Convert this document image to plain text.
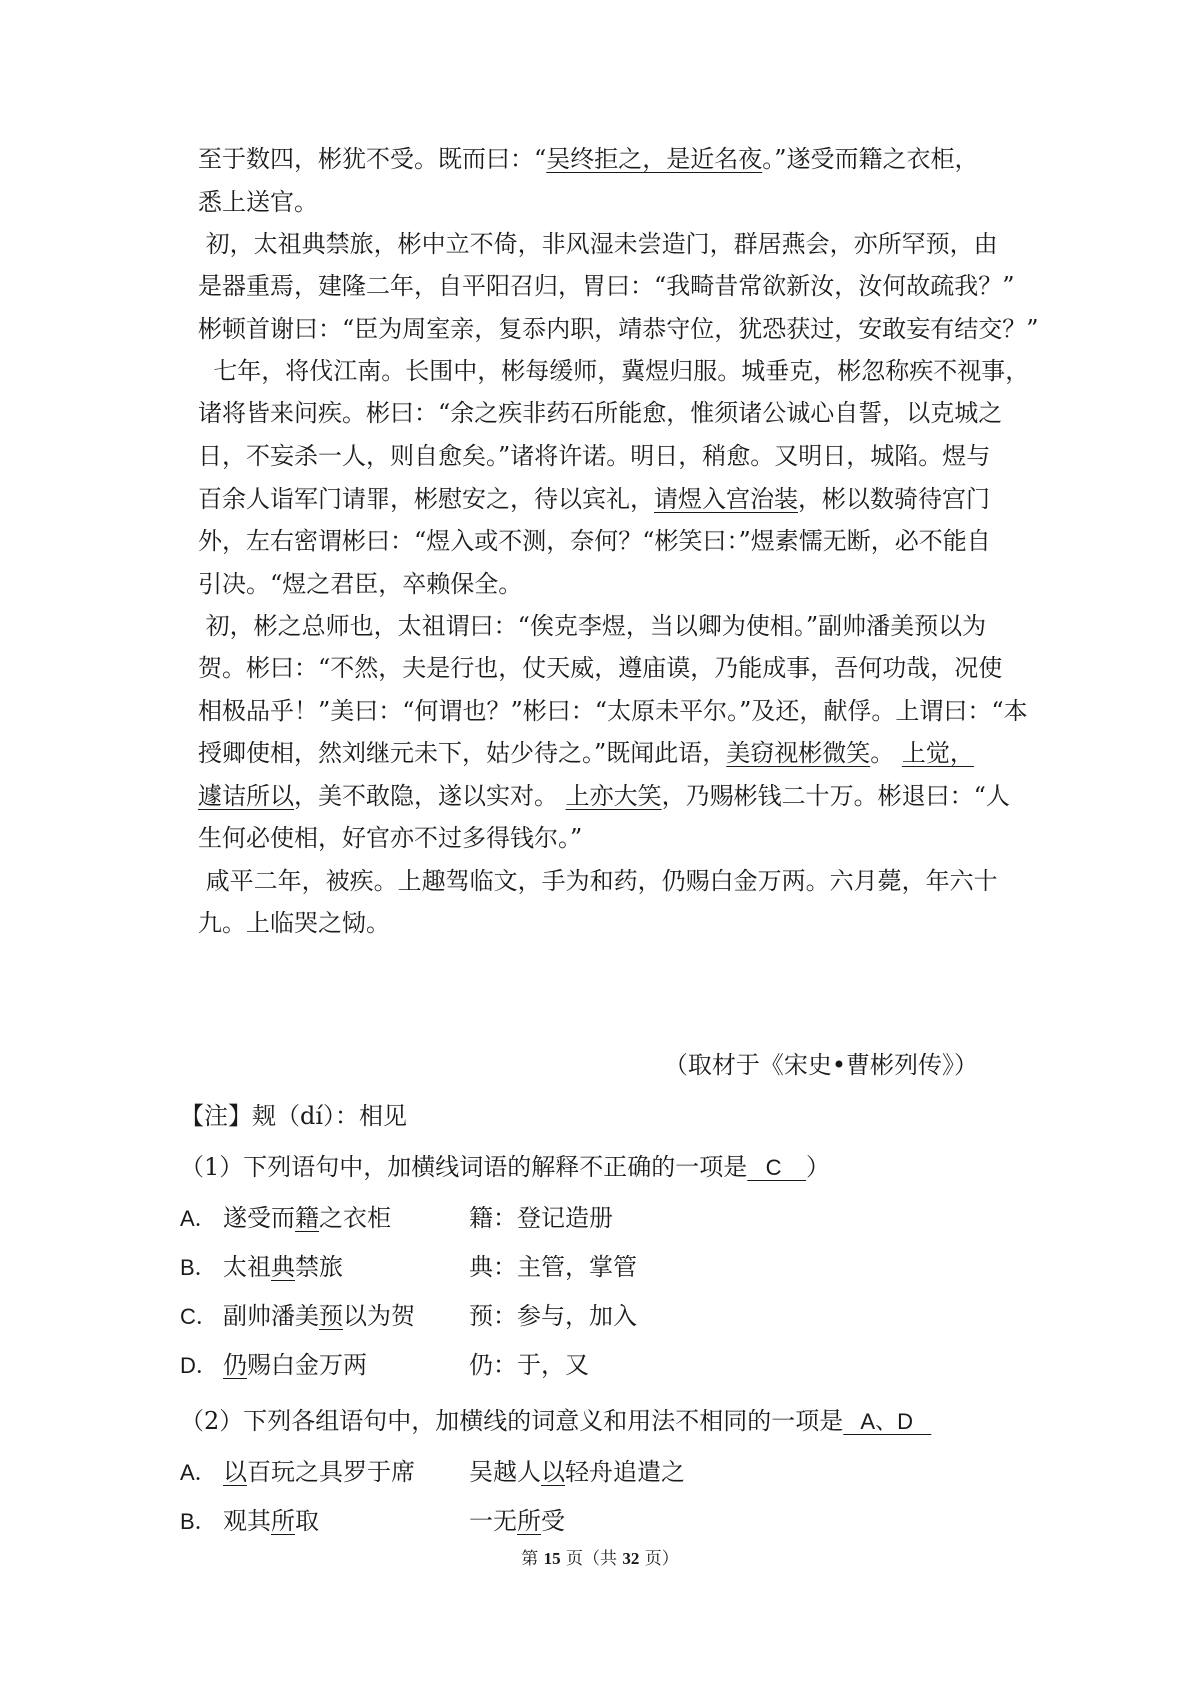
至于数四，彬犹不受。既而曰：“吴终拒之，是近名夜。”遂受而籍之衣柜，
悉上送官。
初，太祖典禁旅，彬中立不倚，非风湿未尝造门，群居燕会，亦所罕预，由
是器重焉，建隆二年，自平阳召归，胃曰：“我畸昔常欲新汝，汝何故疏我？”
彬顿首谢曰：“臣为周室亲，复忝内职，靖恭守位，犹恐获过，安敢妄有结交？”
七年，将伐江南。长围中，彬每缓师，冀煜归服。城垂克，彬忽称疾不视事，
诸将皆来问疾。彬曰：“余之疾非药石所能愈，惟须诸公诚心自誓，以克城之
日，不妄杀一人，则自愈矣。”诸将许诺。明日，稍愈。又明日，城陷。煜与
百余人诣军门请罪，彬慰安之，待以宾礼，请煜入宫治装，彬以数骑待宫门
外，左右密谓彬曰：“煜入或不测，奈何？“彬笑曰：”煜素懦无断，必不能自
引决。“煜之君臣，卒赖保全。
初，彬之总师也，太祖谓曰：“俟克李煜，当以卿为使相。”副帅潘美预以为
贺。彬曰：“不然，夫是行也，仗天威，遵庙谟，乃能成事，吾何功哉，况使
相极品乎！”美曰：“何谓也？”彬曰：“太原未平尔。”及还，献俘。上谓曰：“本
授卿使相，然刘继元未下，姑少待之。”既闻此语，美窃视彬微笑。 上觉，
遽诘所以，美不敢隐，遂以实对。 上亦大笑，乃赐彬钱二十万。彬退曰：“人
生何必使相，好官亦不过多得钱尔。”
咸平二年，被疾。上趣驾临文，手为和药，仍赐白金万两。六月薨，年六十
九。上临哭之恸。
（取材于《宋史•曹彬列传》）
【注】觌（dí）：相见
（1）下列语句中，加横线词语的解释不正确的一项是   C    ）
A． 遂受而籍之衣柜	籍：登记造册
B． 太祖典禁旅	典：主管，掌管
C． 副帅潘美预以为贺 预：参与，加入
D． 仍赐白金万两	仍：于，又
（2）下列各组语句中，加横线的词意义和用法不相同的一项是   A、D
A． 以百玩之具罗于席 吴越人以轻舟追遣之
B． 观其所取	一无所受
第 15 页（共 32 页）
